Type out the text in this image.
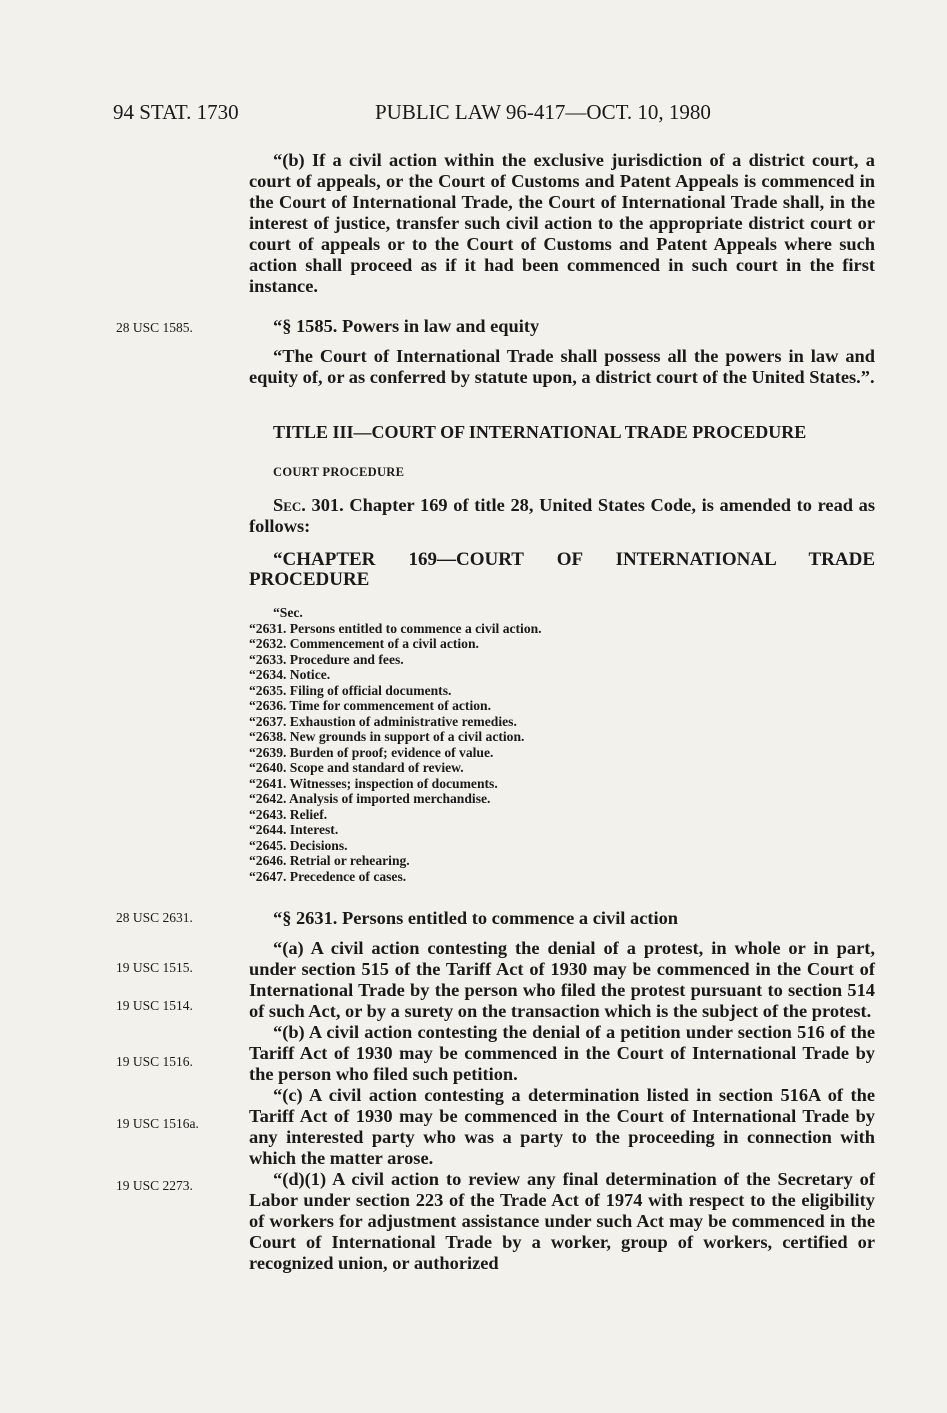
94 STAT. 1730	PUBLIC LAW 96-417—OCT. 10, 1980
28 USC 1585.
28 USC 2631.
19 USC 1515.
19 USC 1514.
19 USC 1516.
19 USC 1516a.
19 USC 2273.

“(b) If a civil action within the exclusive jurisdiction of a district court, a court of appeals, or the Court of Customs and Patent Appeals is commenced in the Court of International Trade, the Court of International Trade shall, in the interest of justice, transfer such civil action to the appropriate district court or court of appeals or to the Court of Customs and Patent Appeals where such action shall proceed as if it had been commenced in such court in the first instance.

“§ 1585. Powers in law and equity

“The Court of International Trade shall possess all the powers in law and equity of, or as conferred by statute upon, a district court of the United States.”.

TITLE III—COURT OF INTERNATIONAL TRADE PROCEDURE

COURT PROCEDURE

Sec. 301. Chapter 169 of title 28, United States Code, is amended to read as follows:

“CHAPTER 169—COURT OF INTERNATIONAL TRADE PROCEDURE

“Sec.

“2631. Persons entitled to commence a civil action.
“2632. Commencement of a civil action.
“2633. Procedure and fees.
“2634. Notice.
“2635. Filing of official documents.
“2636. Time for commencement of action.
“2637. Exhaustion of administrative remedies.
“2638. New grounds in support of a civil action.
“2639. Burden of proof; evidence of value.
“2640. Scope and standard of review.
“2641. Witnesses; inspection of documents.
“2642. Analysis of imported merchandise.
“2643. Relief.
“2644. Interest.
“2645. Decisions.
“2646. Retrial or rehearing.
“2647. Precedence of cases.

“§ 2631. Persons entitled to commence a civil action

“(a) A civil action contesting the denial of a protest, in whole or in part, under section 515 of the Tariff Act of 1930 may be commenced in the Court of International Trade by the person who filed the protest pursuant to section 514 of such Act, or by a surety on the transaction which is the subject of the protest.

“(b) A civil action contesting the denial of a petition under section 516 of the Tariff Act of 1930 may be commenced in the Court of International Trade by the person who filed such petition.

“(c) A civil action contesting a determination listed in section 516A of the Tariff Act of 1930 may be commenced in the Court of International Trade by any interested party who was a party to the proceeding in connection with which the matter arose.

“(d)(1) A civil action to review any final determination of the Secretary of Labor under section 223 of the Trade Act of 1974 with respect to the eligibility of workers for adjustment assistance under such Act may be commenced in the Court of International Trade by a worker, group of workers, certified or recognized union, or authorized
